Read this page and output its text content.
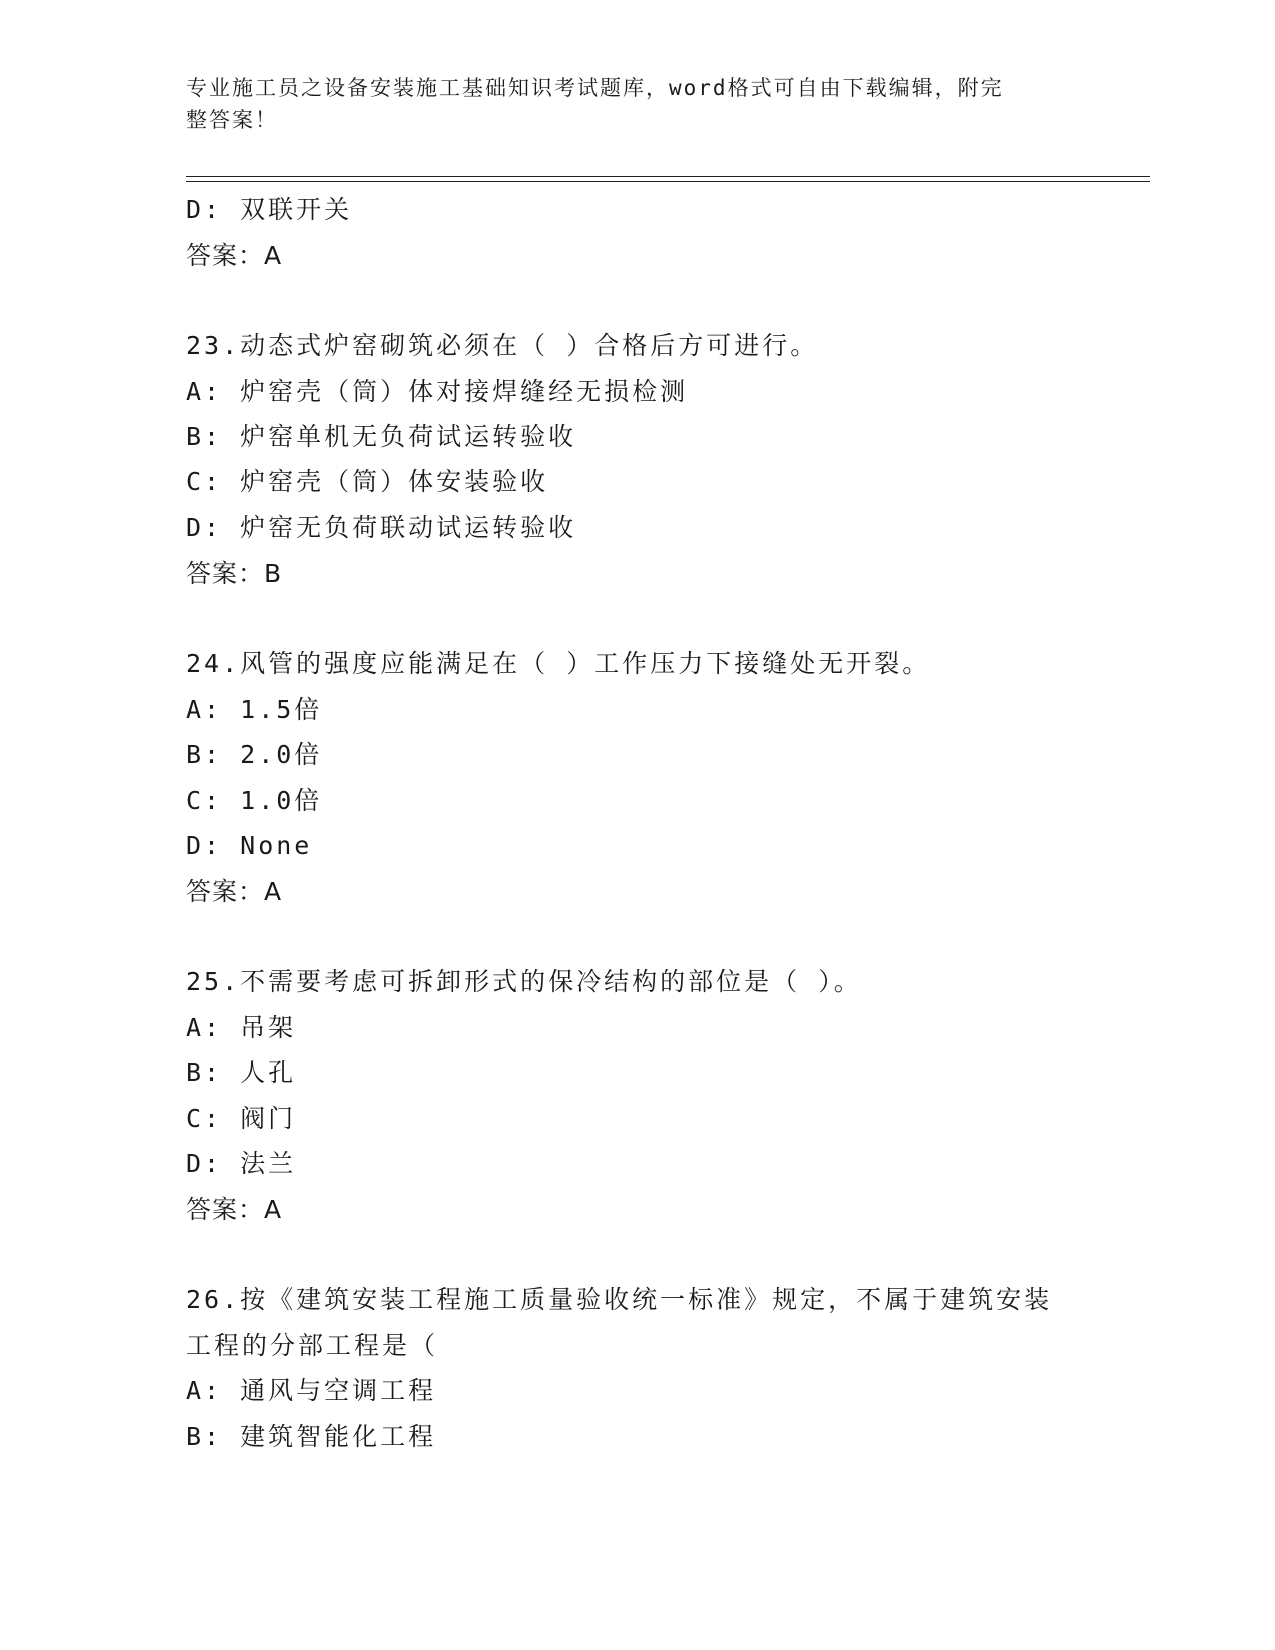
专业施工员之设备安装施工基础知识考试题库，word格式可自由下载编辑，附完
整答案！
D: 双联开关
答案：A
23.动态式炉窑砌筑必须在（ ）合格后方可进行。
A: 炉窑壳（筒）体对接焊缝经无损检测
B: 炉窑单机无负荷试运转验收
C: 炉窑壳（筒）体安装验收
D: 炉窑无负荷联动试运转验收
答案：B
24.风管的强度应能满足在（ ）工作压力下接缝处无开裂。
A: 1.5倍
B: 2.0倍
C: 1.0倍
D: None
答案：A
25.不需要考虑可拆卸形式的保冷结构的部位是（ ）。
A: 吊架
B: 人孔
C: 阀门
D: 法兰
答案：A
26.按《建筑安装工程施工质量验收统一标准》规定，不属于建筑安装
工程的分部工程是（
A: 通风与空调工程
B: 建筑智能化工程
